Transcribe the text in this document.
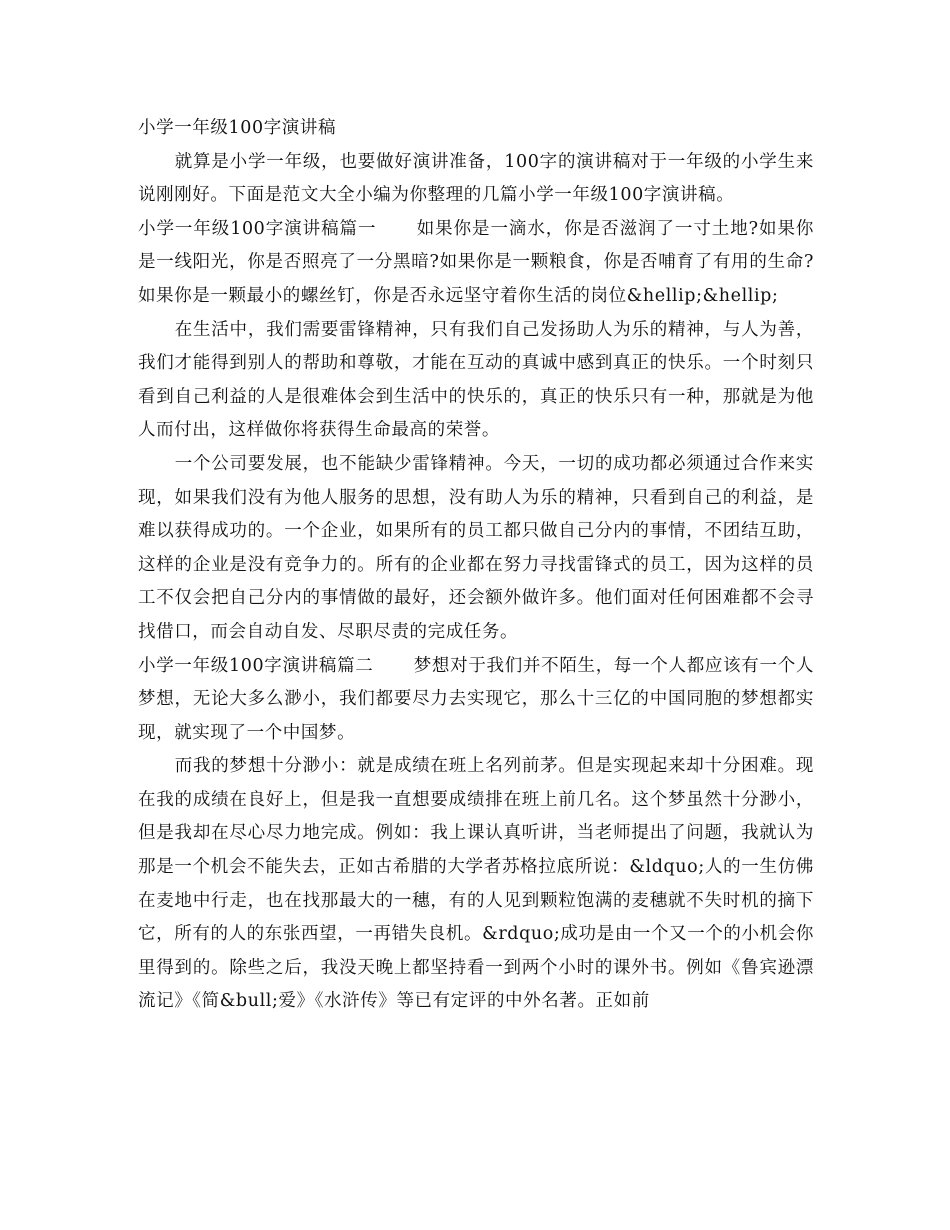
小学一年级100字演讲稿

就算是小学一年级，也要做好演讲准备，100字的演讲稿对于一年级的小学生来说刚刚好。下面是范文大全小编为你整理的几篇小学一年级100字演讲稿。

小学一年级100字演讲稿篇一 如果你是一滴水，你是否滋润了一寸土地?如果你是一线阳光，你是否照亮了一分黑暗?如果你是一颗粮食，你是否哺育了有用的生命?如果你是一颗最小的螺丝钉，你是否永远坚守着你生活的岗位&hellip;&hellip;

在生活中，我们需要雷锋精神，只有我们自己发扬助人为乐的精神，与人为善，我们才能得到别人的帮助和尊敬，才能在互动的真诚中感到真正的快乐。一个时刻只看到自己利益的人是很难体会到生活中的快乐的，真正的快乐只有一种，那就是为他人而付出，这样做你将获得生命最高的荣誉。

一个公司要发展，也不能缺少雷锋精神。今天，一切的成功都必须通过合作来实现，如果我们没有为他人服务的思想，没有助人为乐的精神，只看到自己的利益，是难以获得成功的。一个企业，如果所有的员工都只做自己分内的事情，不团结互助，这样的企业是没有竞争力的。所有的企业都在努力寻找雷锋式的员工，因为这样的员工不仅会把自己分内的事情做的最好，还会额外做许多。他们面对任何困难都不会寻找借口，而会自动自发、尽职尽责的完成任务。

小学一年级100字演讲稿篇二 梦想对于我们并不陌生，每一个人都应该有一个人梦想，无论大多么渺小，我们都要尽力去实现它，那么十三亿的中国同胞的梦想都实现，就实现了一个中国梦。

而我的梦想十分渺小：就是成绩在班上名列前茅。但是实现起来却十分困难。现在我的成绩在良好上，但是我一直想要成绩排在班上前几名。这个梦虽然十分渺小，但是我却在尽心尽力地完成。例如：我上课认真听讲，当老师提出了问题，我就认为那是一个机会不能失去，正如古希腊的大学者苏格拉底所说：&ldquo;人的一生仿佛在麦地中行走，也在找那最大的一穗，有的人见到颗粒饱满的麦穗就不失时机的摘下它，所有的人的东张西望，一再错失良机。&rdquo;成功是由一个又一个的小机会你里得到的。除些之后，我没天晚上都坚持看一到两个小时的课外书。例如《鲁宾逊漂流记》《简&bull;爱》《水浒传》等已有定评的中外名著。正如前
